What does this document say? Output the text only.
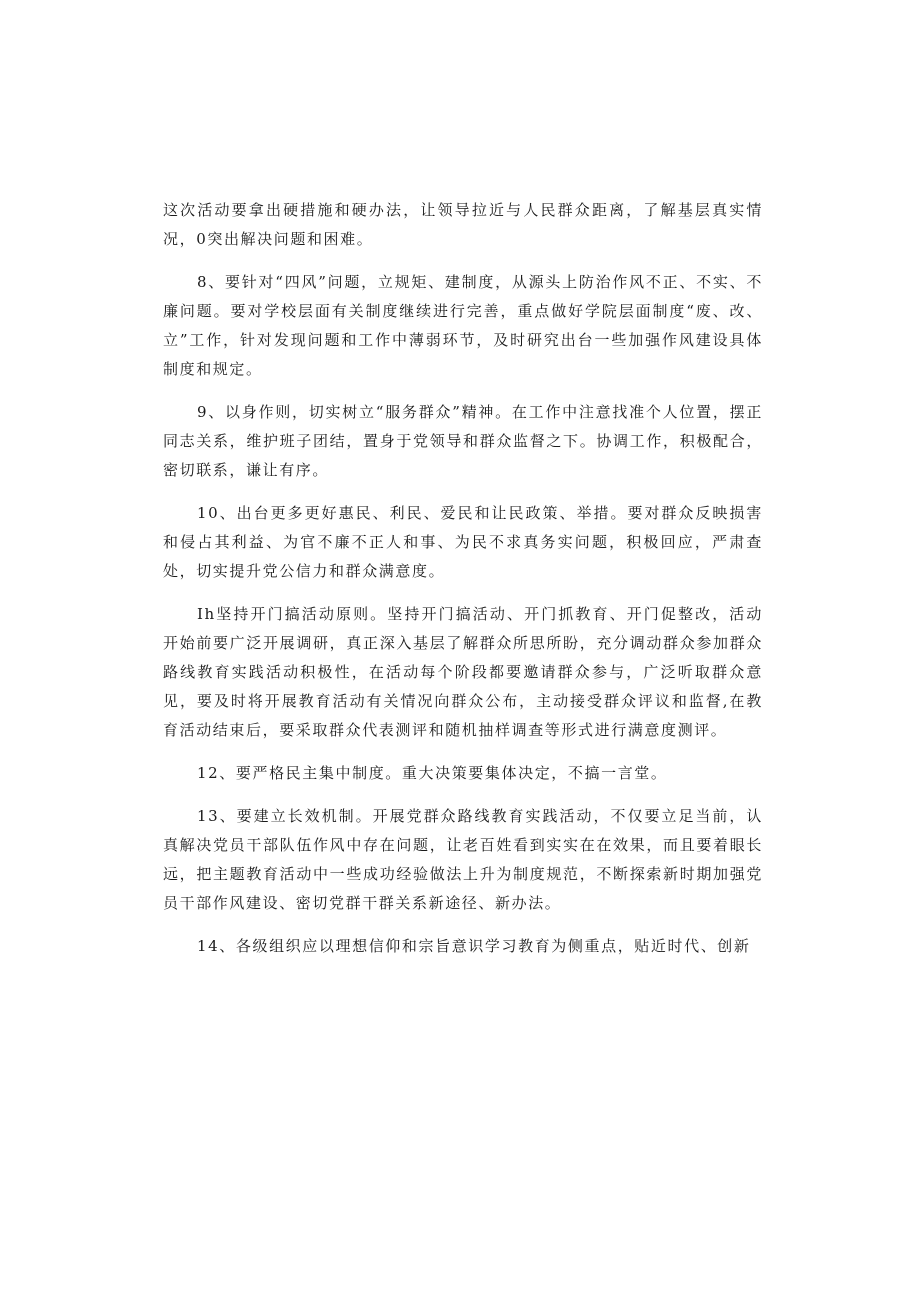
这次活动要拿出硬措施和硬办法，让领导拉近与人民群众距离，了解基层真实情况，0突出解决问题和困难。

8、要针对“四风”问题，立规矩、建制度，从源头上防治作风不正、不实、不廉问题。要对学校层面有关制度继续进行完善，重点做好学院层面制度“废、改、立”工作，针对发现问题和工作中薄弱环节，及时研究出台一些加强作风建设具体制度和规定。

9、以身作则，切实树立“服务群众”精神。在工作中注意找准个人位置，摆正同志关系，维护班子团结，置身于党领导和群众监督之下。协调工作，积极配合，密切联系，谦让有序。

10、出台更多更好惠民、利民、爱民和让民政策、举措。要对群众反映损害和侵占其利益、为官不廉不正人和事、为民不求真务实问题，积极回应，严肃查处，切实提升党公信力和群众满意度。

Ih坚持开门搞活动原则。坚持开门搞活动、开门抓教育、开门促整改，活动开始前要广泛开展调研，真正深入基层了解群众所思所盼，充分调动群众参加群众路线教育实践活动积极性，在活动每个阶段都要邀请群众参与，广泛听取群众意见，要及时将开展教育活动有关情况向群众公布，主动接受群众评议和监督,在教育活动结束后，要采取群众代表测评和随机抽样调查等形式进行满意度测评。

12、要严格民主集中制度。重大决策要集体决定，不搞一言堂。

13、要建立长效机制。开展党群众路线教育实践活动，不仅要立足当前，认真解决党员干部队伍作风中存在问题，让老百姓看到实实在在效果，而且要着眼长远，把主题教育活动中一些成功经验做法上升为制度规范，不断探索新时期加强党员干部作风建设、密切党群干群关系新途径、新办法。

14、各级组织应以理想信仰和宗旨意识学习教育为侧重点，贴近时代、创新
